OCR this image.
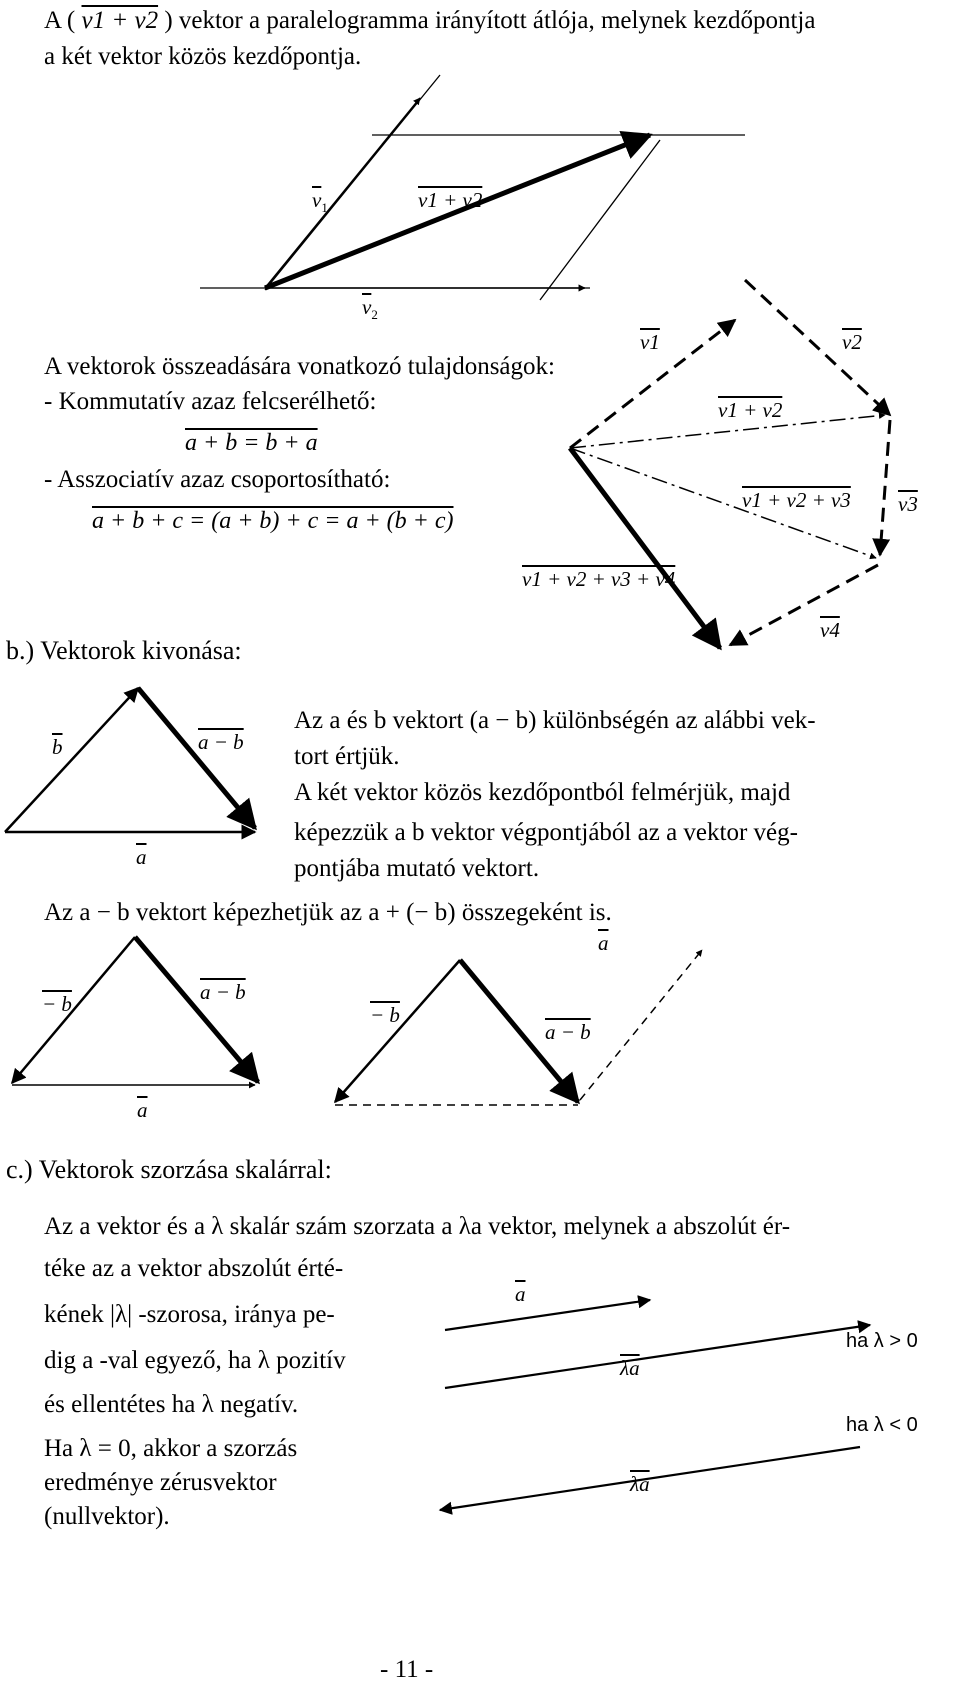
A ( v1 + v2 ) vektor a paralelogramma irányított átlója, melynek kezdőpontja
a két vektor közös kezdőpontja.
$\overline{v}_1$	v1 + v2
$\overline{v}_2$
A vektorok összeadására vonatkozó tulajdonságok:
- Kommutatív azaz felcserélhető:
a + b = b + a
- Asszociatív azaz csoportosítható:
a + b + c = (a + b) + c = a + (b + c)
v1	v2
v1 + v2
v1 + v2 + v3 v3
v1 + v2 + v3 + v4
v4
b.) Vektorok kivonása:
$\overline{b}$	a − b
$\overline{a}$
Az a és b vektort (a − b) különbségén az alábbi vek-
tort értjük.
A két vektor közös kezdőpontból felmérjük, majd
képezzük a b vektor végpontjából az a vektor vég-
pontjába mutató vektort.
Az a − b vektort képezhetjük az a + (− b) összegeként is.
− b	a − b
$\overline{a}$
− b
a − b
$\overline{a}$
c.) Vektorok szorzása skalárral:
Az a vektor és a λ skalár szám szorzata a λa vektor, melynek a abszolút ér-
téke az a vektor abszolút érté-
kének |λ| -szorosa, iránya pe-
dig a -val egyező, ha λ pozitív
és ellentétes ha λ negatív.
Ha λ = 0, akkor a szorzás
eredménye zérusvektor
(nullvektor).
$\overline{a}$
$\overline{\lambda a}$
ha λ > 0
$\overline{\lambda a}$
ha λ < 0
- 11 -
